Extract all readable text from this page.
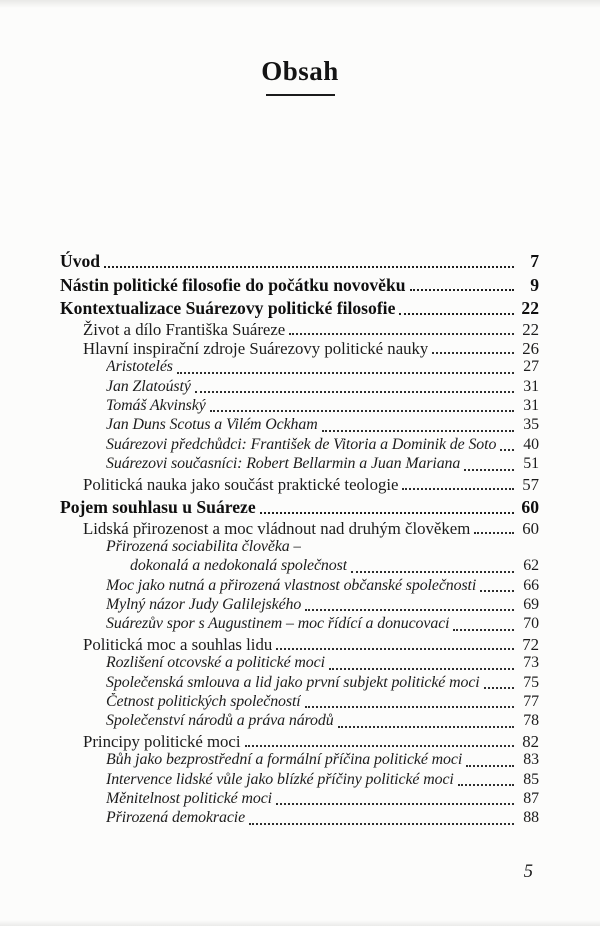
Obsah
Úvod	7
Nástin politické filosofie do počátku novověku	9
Kontextualizace Suárezovy politické filosofie	22
Život a dílo Františka Suáreze	22
Hlavní inspirační zdroje Suárezovy politické nauky	26
Aristotelés	27
Jan Zlatoústý	31
Tomáš Akvinský	31
Jan Duns Scotus a Vilém Ockham	35
Suárezovi předchůdci: František de Vitoria a Dominik de Soto	40
Suárezovi současníci: Robert Bellarmin a Juan Mariana	51
Politická nauka jako součást praktické teologie	57
Pojem souhlasu u Suáreze	60
Lidská přirozenost a moc vládnout nad druhým člověkem	60
Přirozená sociabilita člověka –
dokonalá a nedokonalá společnost	62
Moc jako nutná a přirozená vlastnost občanské společnosti	66
Mylný názor Judy Galilejského	69
Suárezův spor s Augustinem – moc řídící a donucovací	70
Politická moc a souhlas lidu	72
Rozlišení otcovské a politické moci	73
Společenská smlouva a lid jako první subjekt politické moci	75
Četnost politických společností	77
Společenství národů a práva národů	78
Principy politické moci	82
Bůh jako bezprostřední a formální příčina politické moci	83
Intervence lidské vůle jako blízké příčiny politické moci	85
Měnitelnost politické moci	87
Přirozená demokracie	88
5
